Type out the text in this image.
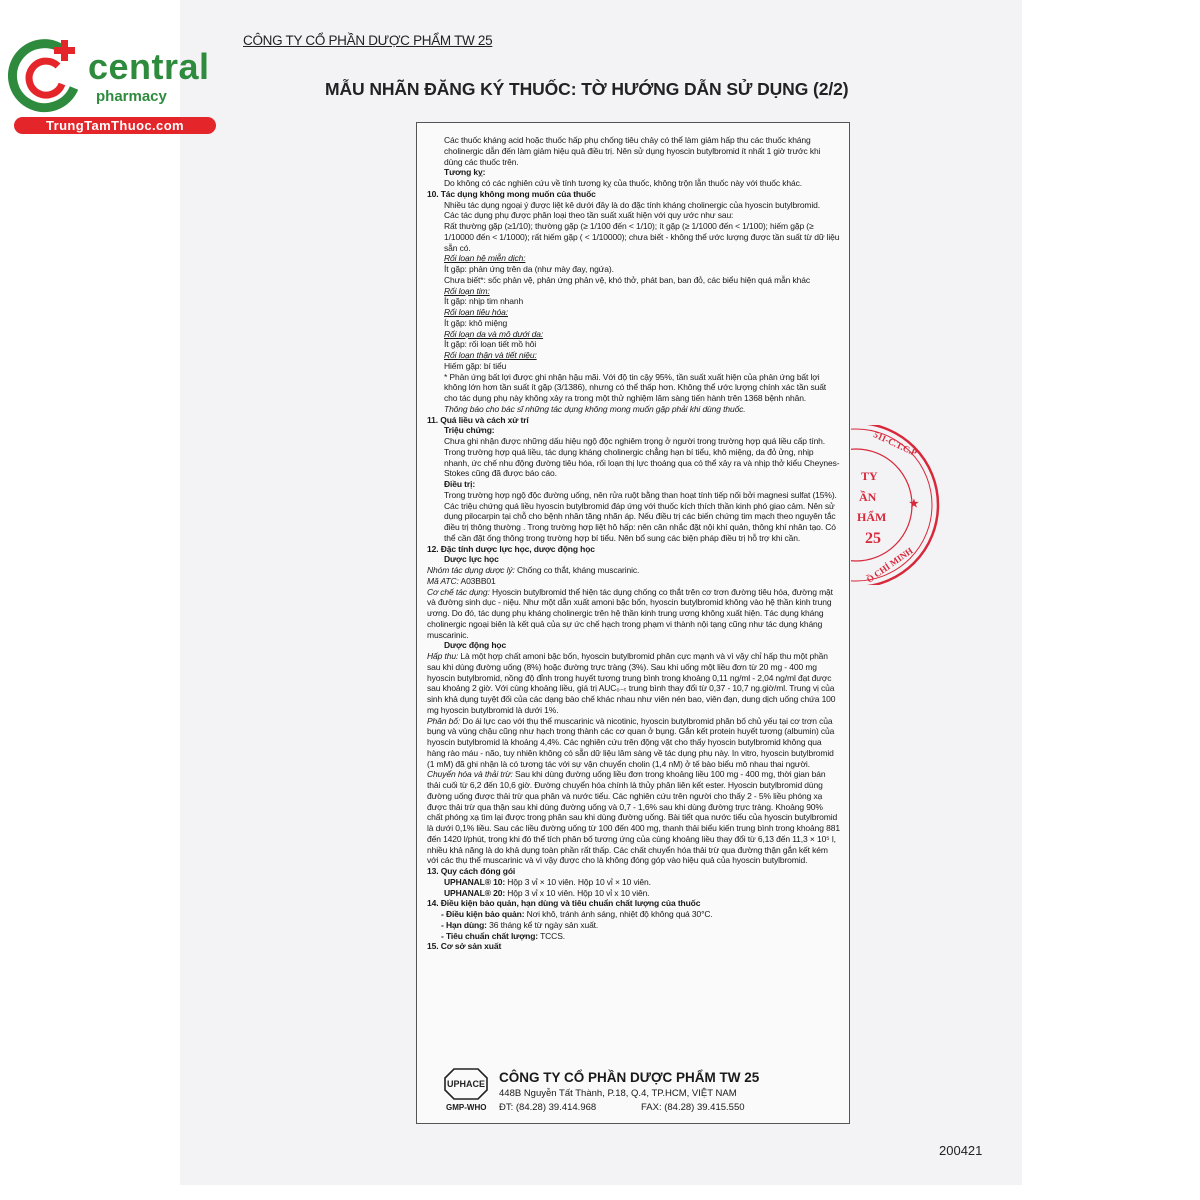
central
pharmacy
TrungTamThuoc.com
CÔNG TY CỔ PHẦN DƯỢC PHẨM TW 25
MẪU NHÃN ĐĂNG KÝ THUỐC: TỜ HƯỚNG DẪN SỬ DỤNG (2/2)
Các thuốc kháng acid hoặc thuốc hấp phụ chống tiêu chảy có thể làm giảm hấp thu các thuốc kháng cholinergic dẫn đến làm giảm hiệu quả điều trị. Nên sử dụng hyoscin butylbromid ít nhất 1 giờ trước khi dùng các thuốc trên.
Tương kỵ:
Do không có các nghiên cứu về tính tương kỵ của thuốc, không trộn lẫn thuốc này với thuốc khác.
10. Tác dụng không mong muốn của thuốc
Nhiều tác dụng ngoại ý được liệt kê dưới đây là do đặc tính kháng cholinergic của hyoscin butylbromid.
Các tác dụng phụ được phân loại theo tần suất xuất hiện với quy ước như sau:
Rất thường gặp (≥1/10); thường gặp (≥ 1/100 đến < 1/10); ít gặp (≥ 1/1000 đến < 1/100); hiếm gặp (≥ 1/10000 đến < 1/1000); rất hiếm gặp ( < 1/10000); chưa biết - không thể ước lượng được tần suất từ dữ liệu sẵn có.
Rối loạn hệ miễn dịch:
Ít gặp: phản ứng trên da (như mày đay, ngứa).
Chưa biết*: sốc phản vệ, phản ứng phản vệ, khó thở, phát ban, ban đỏ, các biểu hiện quá mẫn khác
Rối loạn tim:
Ít gặp: nhịp tim nhanh
Rối loạn tiêu hóa:
Ít gặp: khô miệng
Rối loạn da và mô dưới da:
Ít gặp: rối loạn tiết mồ hôi
Rối loạn thận và tiết niệu:
Hiếm gặp: bí tiểu
* Phản ứng bất lợi được ghi nhận hậu mãi. Với độ tin cậy 95%, tần suất xuất hiện của phản ứng bất lợi không lớn hơn tần suất ít gặp (3/1386), nhưng có thể thấp hơn. Không thể ước lượng chính xác tần suất cho tác dụng phụ này không xảy ra trong một thử nghiệm lâm sàng tiến hành trên 1368 bệnh nhân.
Thông báo cho bác sĩ những tác dụng không mong muốn gặp phải khi dùng thuốc.
11. Quá liều và cách xử trí
Triệu chứng:
Chưa ghi nhận được những dấu hiệu ngộ độc nghiêm trọng ở người trong trường hợp quá liều cấp tính. Trong trường hợp quá liều, tác dụng kháng cholinergic chẳng hạn bí tiểu, khô miệng, da đỏ ửng, nhịp nhanh, ức chế nhu động đường tiêu hóa, rối loạn thị lực thoáng qua có thể xảy ra và nhịp thở kiểu Cheynes-Stokes cũng đã được báo cáo.
Điều trị:
Trong trường hợp ngộ độc đường uống, nên rửa ruột bằng than hoạt tính tiếp nối bởi magnesi sulfat (15%).
Các triệu chứng quá liều hyoscin butylbromid đáp ứng với thuốc kích thích thần kinh phó giao cảm. Nên sử dụng pilocarpin tại chỗ cho bệnh nhân tăng nhãn áp. Nếu điều trị các biến chứng tim mạch theo nguyên tắc điều trị thông thường . Trong trường hợp liệt hô hấp: nên cân nhắc đặt nội khí quản, thông khí nhân tạo. Có thể cần đặt ống thông trong trường hợp bí tiểu. Nên bổ sung các biện pháp điều trị hỗ trợ khi cần.
12. Đặc tính dược lực học, dược động học
Dược lực học
Nhóm tác dụng dược lý: Chống co thắt, kháng muscarinic.
Mã ATC: A03BB01
Cơ chế tác dụng: Hyoscin butylbromid thể hiện tác dụng chống co thắt trên cơ trơn đường tiêu hóa, đường mật và đường sinh dục - niệu. Như một dẫn xuất amoni bậc bốn, hyoscin butylbromid không vào hệ thần kinh trung ương. Do đó, tác dụng phụ kháng cholinergic trên hệ thần kinh trung ương không xuất hiện. Tác dụng kháng cholinergic ngoại biên là kết quả của sự ức chế hạch trong phạm vi thành nội tạng cũng như tác dụng kháng muscarinic.
Dược động học
Hấp thu: Là một hợp chất amoni bậc bốn, hyoscin butylbromid phân cực mạnh và vì vậy chỉ hấp thu một phần sau khi dùng đường uống (8%) hoặc đường trực tràng (3%). Sau khi uống một liều đơn từ 20 mg - 400 mg hyoscin butylbromid, nồng độ đỉnh trong huyết tương trung bình trong khoảng 0,11 ng/ml - 2,04 ng/ml đạt được sau khoảng 2 giờ. Với cùng khoảng liều, giá trị AUC₀₋ₜ trung bình thay đổi từ 0,37 - 10,7 ng.giờ/ml. Trung vị của sinh khả dụng tuyệt đối của các dạng bào chế khác nhau như viên nén bao, viên đạn, dung dịch uống chứa 100 mg hyoscin butylbromid là dưới 1%.
Phân bố: Do ái lực cao với thụ thể muscarinic và nicotinic, hyoscin butylbromid phân bố chủ yếu tại cơ trơn của bụng và vùng chậu cũng như hạch trong thành các cơ quan ở bụng. Gắn kết protein huyết tương (albumin) của hyoscin butylbromid là khoảng 4,4%. Các nghiên cứu trên động vật cho thấy hyoscin butylbromid không qua hàng rào máu - não, tuy nhiên không có sẵn dữ liệu lâm sàng về tác dụng phụ này. In vitro, hyoscin butylbromid (1 mM) đã ghi nhận là có tương tác với sự vận chuyển cholin (1,4 nM) ở tế bào biểu mô nhau thai người.
Chuyển hóa và thải trừ: Sau khi dùng đường uống liều đơn trong khoảng liều 100 mg - 400 mg, thời gian bán thải cuối từ 6,2 đến 10,6 giờ. Đường chuyển hóa chính là thủy phân liên kết ester. Hyoscin butylbromid dùng đường uống được thải trừ qua phân và nước tiểu. Các nghiên cứu trên người cho thấy 2 - 5% liều phóng xạ được thải trừ qua thận sau khi dùng đường uống và 0,7 - 1,6% sau khi dùng đường trực tràng. Khoảng 90% chất phóng xạ tìm lại được trong phân sau khi dùng đường uống. Bài tiết qua nước tiểu của hyoscin butylbromid là dưới 0,1% liều. Sau các liều đường uống từ 100 đến 400 mg, thanh thải biểu kiến trung bình trong khoảng 881 đến 1420 l/phút, trong khi đó thể tích phân bố tương ứng của cùng khoảng liều thay đổi từ 6,13 đến 11,3 × 10⁵ l, nhiều khả năng là do khả dụng toàn phần rất thấp. Các chất chuyển hóa thải trừ qua đường thận gắn kết kém với các thụ thể muscarinic và vì vậy được cho là không đóng góp vào hiệu quả của hyoscin butylbromid.
13. Quy cách đóng gói
UPHANAL® 10: Hộp 3 vỉ × 10 viên. Hộp 10 vỉ × 10 viên.
UPHANAL® 20: Hộp 3 vỉ x 10 viên. Hộp 10 vỉ x 10 viên.
14. Điều kiện bảo quản, hạn dùng và tiêu chuẩn chất lượng của thuốc
- Điều kiện bảo quản: Nơi khô, tránh ánh sáng, nhiệt độ không quá 30°C.
- Hạn dùng: 36 tháng kể từ ngày sản xuất.
- Tiêu chuẩn chất lượng: TCCS.
15. Cơ sở sản xuất
UPHACE
GMP-WHO
CÔNG TY CỔ PHẦN DƯỢC PHẨM TW 25
448B Nguyễn Tất Thành, P.18, Q.4, TP.HCM, VIỆT NAM
ĐT: (84.28) 39.414.968	FAX: (84.28) 39.415.550
TY
ẦN
HẨM
25
★
511-C.T.C.P
Ồ CHÍ MINH
200421
